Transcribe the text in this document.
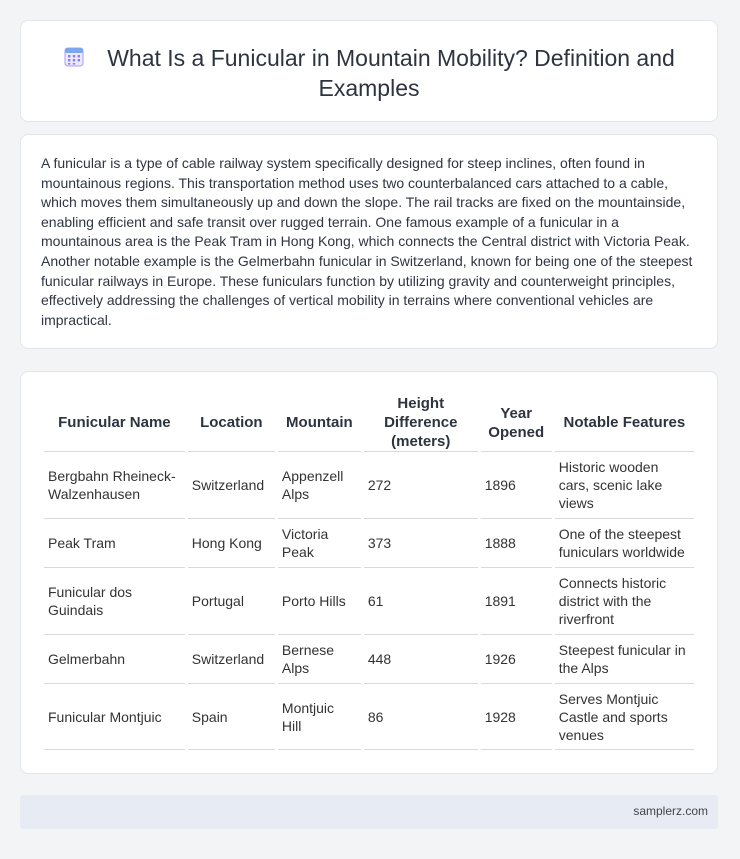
What Is a Funicular in Mountain Mobility? Definition and Examples
A funicular is a type of cable railway system specifically designed for steep inclines, often found in mountainous regions. This transportation method uses two counterbalanced cars attached to a cable, which moves them simultaneously up and down the slope. The rail tracks are fixed on the mountainside, enabling efficient and safe transit over rugged terrain. One famous example of a funicular in a mountainous area is the Peak Tram in Hong Kong, which connects the Central district with Victoria Peak. Another notable example is the Gelmerbahn funicular in Switzerland, known for being one of the steepest funicular railways in Europe. These funiculars function by utilizing gravity and counterweight principles, effectively addressing the challenges of vertical mobility in terrains where conventional vehicles are impractical.
Funicular Name	Location	Mountain	Height Difference (meters)	Year Opened	Notable Features
Bergbahn Rheineck-Walzenhausen	Switzerland	Appenzell Alps	272	1896	Historic wooden cars, scenic lake views
Peak Tram	Hong Kong	Victoria Peak	373	1888	One of the steepest funiculars worldwide
Funicular dos Guindais	Portugal	Porto Hills	61	1891	Connects historic district with the riverfront
Gelmerbahn	Switzerland	Bernese Alps	448	1926	Steepest funicular in the Alps
Funicular Montjuic	Spain	Montjuic Hill	86	1928	Serves Montjuic Castle and sports venues
samplerz.com
